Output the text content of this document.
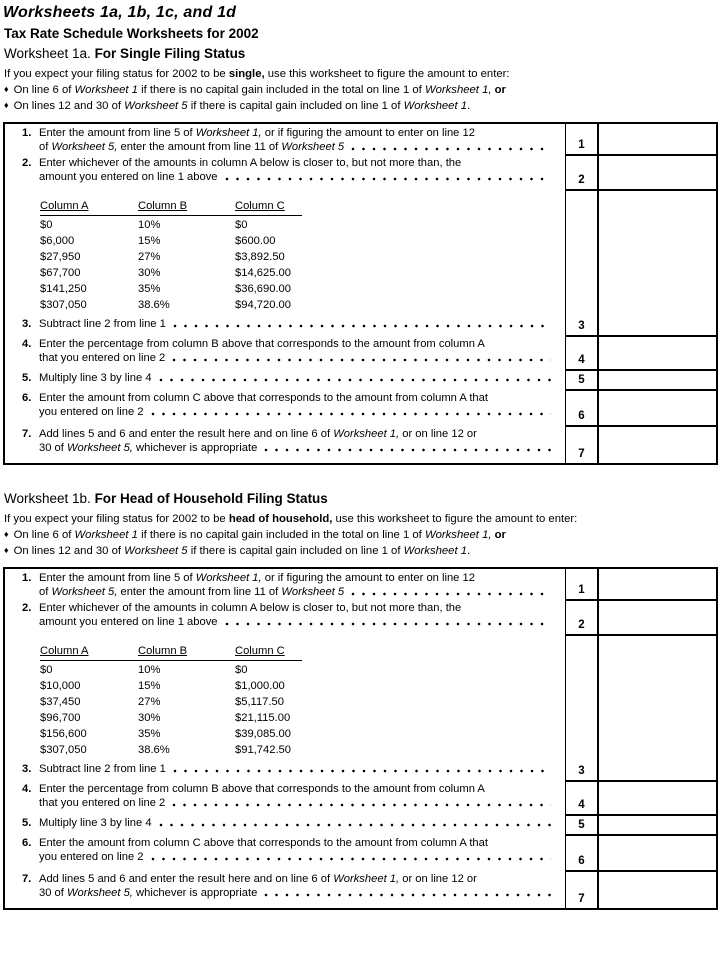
Worksheets 1a, 1b, 1c, and 1d
Tax Rate Schedule Worksheets for 2002
Worksheet 1a. For Single Filing Status

If you expect your filing status for 2002 to be single, use this worksheet to figure the amount to enter:

♦ On line 6 of Worksheet 1 if there is no capital gain included in the total on line 1 of Worksheet 1, or
♦ On lines 12 and 30 of Worksheet 5 if there is capital gain included on line 1 of Worksheet 1.
1. Enter the amount from line 5 of Worksheet 1, or if figuring the amount to enter on line 12
of Worksheet 5, enter the amount from line 11 of Worksheet 5	1
2. Enter whichever of the amounts in column A below is closer to, but not more than, the
amount you entered on line 1 above	2
Column A	Column B	Column C
$0	10%	$0
$6,000	15%	$600.00
$27,950	27%	$3,892.50
$67,700	30%	$14,625.00
$141,250	35%	$36,690.00
$307,050	38.6%	$94,720.00
3. Subtract line 2 from line 1	3
4. Enter the percentage from column B above that corresponds to the amount from column A
that you entered on line 2	4
5. Multiply line 3 by line 4	5
6. Enter the amount from column C above that corresponds to the amount from column A that
you entered on line 2	6
7. Add lines 5 and 6 and enter the result here and on line 6 of Worksheet 1, or on line 12 or
30 of Worksheet 5, whichever is appropriate	7
Worksheet 1b. For Head of Household Filing Status

If you expect your filing status for 2002 to be head of household, use this worksheet to figure the amount to enter:

♦ On line 6 of Worksheet 1 if there is no capital gain included in the total on line 1 of Worksheet 1, or
♦ On lines 12 and 30 of Worksheet 5 if there is capital gain included on line 1 of Worksheet 1.
1. Enter the amount from line 5 of Worksheet 1, or if figuring the amount to enter on line 12
of Worksheet 5, enter the amount from line 11 of Worksheet 5	1
2. Enter whichever of the amounts in column A below is closer to, but not more than, the
amount you entered on line 1 above	2
Column A	Column B	Column C
$0	10%	$0
$10,000	15%	$1,000.00
$37,450	27%	$5,117.50
$96,700	30%	$21,115.00
$156,600	35%	$39,085.00
$307,050	38.6%	$91,742.50
3. Subtract line 2 from line 1	3
4. Enter the percentage from column B above that corresponds to the amount from column A
that you entered on line 2	4
5. Multiply line 3 by line 4	5
6. Enter the amount from column C above that corresponds to the amount from column A that
you entered on line 2	6
7. Add lines 5 and 6 and enter the result here and on line 6 of Worksheet 1, or on line 12 or
30 of Worksheet 5, whichever is appropriate	7
